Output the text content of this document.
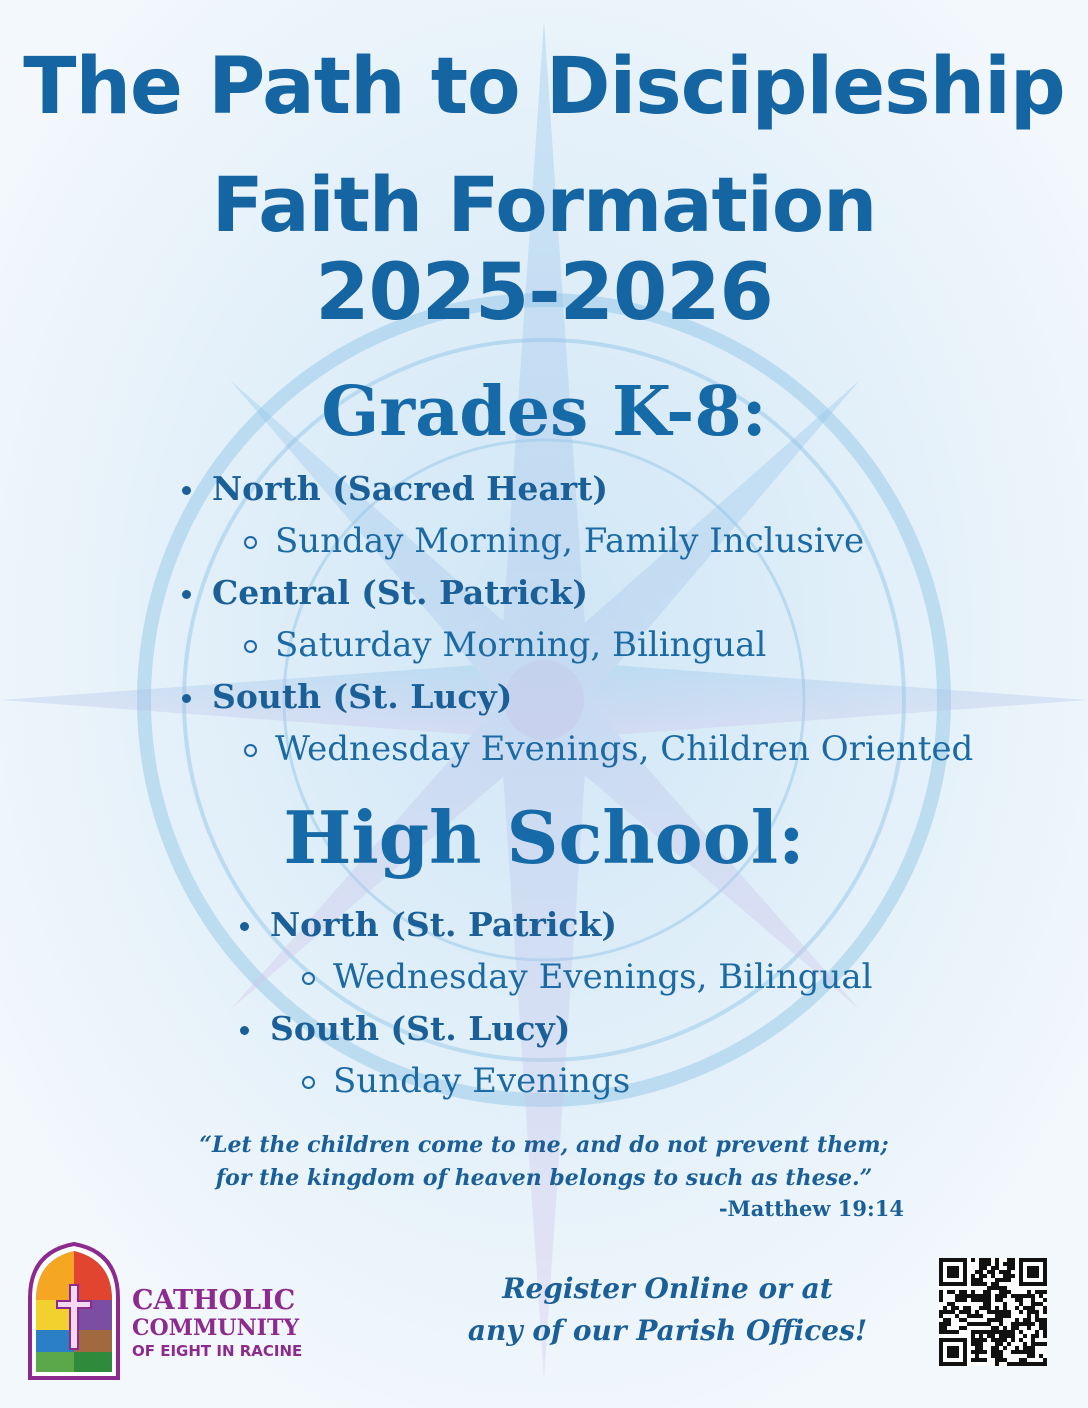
The Path to Discipleship
Faith Formation
2025-2026
Grades K-8:
North (Sacred Heart)
Sunday Morning, Family Inclusive
Central (St. Patrick)
Saturday Morning, Bilingual
South (St. Lucy)
Wednesday Evenings, Children Oriented
High School:
North (St. Patrick)
Wednesday Evenings, Bilingual
South (St. Lucy)
Sunday Evenings

“Let the children come to me, and do not prevent them;

for the kingdom of heaven belongs to such as these.”

-Matthew 19:14

CATHOLIC

COMMUNITY

OF EIGHT IN RACINE

Register Online or at

any of our Parish Offices!
